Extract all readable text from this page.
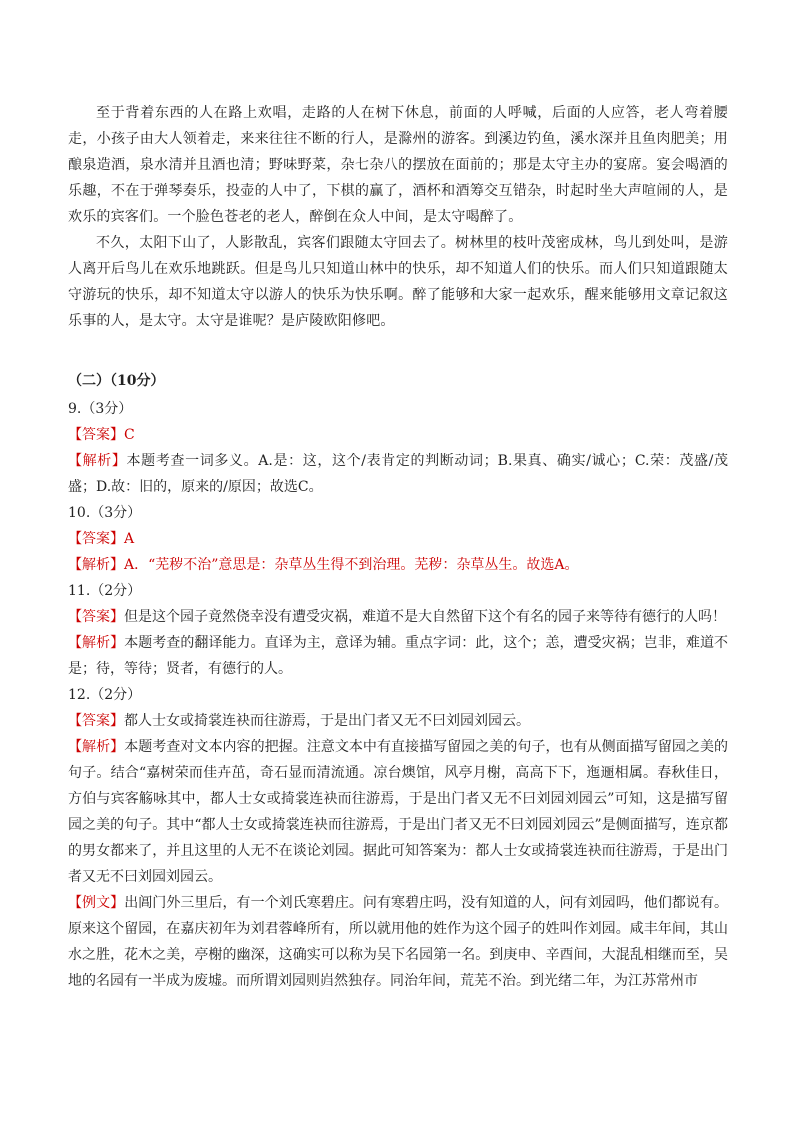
至于背着东西的人在路上欢唱，走路的人在树下休息，前面的人呼喊，后面的人应答，老人弯着腰走，小孩子由大人领着走，来来往往不断的行人，是滁州的游客。到溪边钓鱼，溪水深并且鱼肉肥美；用酿泉造酒，泉水清并且酒也清；野味野菜，杂七杂八的摆放在面前的；那是太守主办的宴席。宴会喝酒的乐趣，不在于弹琴奏乐，投壶的人中了，下棋的赢了，酒杯和酒筹交互错杂，时起时坐大声喧闹的人，是欢乐的宾客们。一个脸色苍老的老人，醉倒在众人中间，是太守喝醉了。

不久，太阳下山了，人影散乱，宾客们跟随太守回去了。树林里的枝叶茂密成林，鸟儿到处叫，是游人离开后鸟儿在欢乐地跳跃。但是鸟儿只知道山林中的快乐，却不知道人们的快乐。而人们只知道跟随太守游玩的快乐，却不知道太守以游人的快乐为快乐啊。醉了能够和大家一起欢乐，醒来能够用文章记叙这乐事的人，是太守。太守是谁呢？是庐陵欧阳修吧。

（二）（10分）

9.（3分）

【答案】C

【解析】本题考查一词多义。A.是：这，这个/表肯定的判断动词；B.果真、确实/诚心；C.荣：茂盛/茂盛；D.故：旧的，原来的/原因；故选C。

10.（3分）

【答案】A

【解析】A．“芜秽不治”意思是：杂草丛生得不到治理。芜秽：杂草丛生。故选A。

11.（2分）

【答案】但是这个园子竟然侥幸没有遭受灾祸，难道不是大自然留下这个有名的园子来等待有德行的人吗！

【解析】本题考查的翻译能力。直译为主，意译为辅。重点字词：此，这个；恙，遭受灾祸；岂非，难道不是；待，等待；贤者，有德行的人。

12.（2分）

【答案】都人士女或掎裳连袂而往游焉，于是出门者又无不曰刘园刘园云。

【解析】本题考查对文本内容的把握。注意文本中有直接描写留园之美的句子，也有从侧面描写留园之美的句子。结合“嘉树荣而佳卉茁，奇石显而清流通。凉台燠馆，风亭月榭，高高下下，迤逦相属。春秋佳日，方伯与宾客觞咏其中，都人士女或掎裳连袂而往游焉，于是出门者又无不曰刘园刘园云”可知，这是描写留园之美的句子。其中“都人士女或掎裳连袂而往游焉，于是出门者又无不曰刘园刘园云”是侧面描写，连京都的男女都来了，并且这里的人无不在谈论刘园。据此可知答案为：都人士女或掎裳连袂而往游焉，于是出门者又无不曰刘园刘园云。

【例文】出阊门外三里后，有一个刘氏寒碧庄。问有寒碧庄吗，没有知道的人，问有刘园吗，他们都说有。原来这个留园，在嘉庆初年为刘君蓉峰所有，所以就用他的姓作为这个园子的姓叫作刘园。咸丰年间，其山水之胜，花木之美，亭榭的幽深，这确实可以称为吴下名园第一名。到庚申、辛酉间，大混乱相继而至，吴地的名园有一半成为废墟。而所谓刘园则岿然独存。同治年间，荒芜不治。到光绪二年，为江苏常州市
